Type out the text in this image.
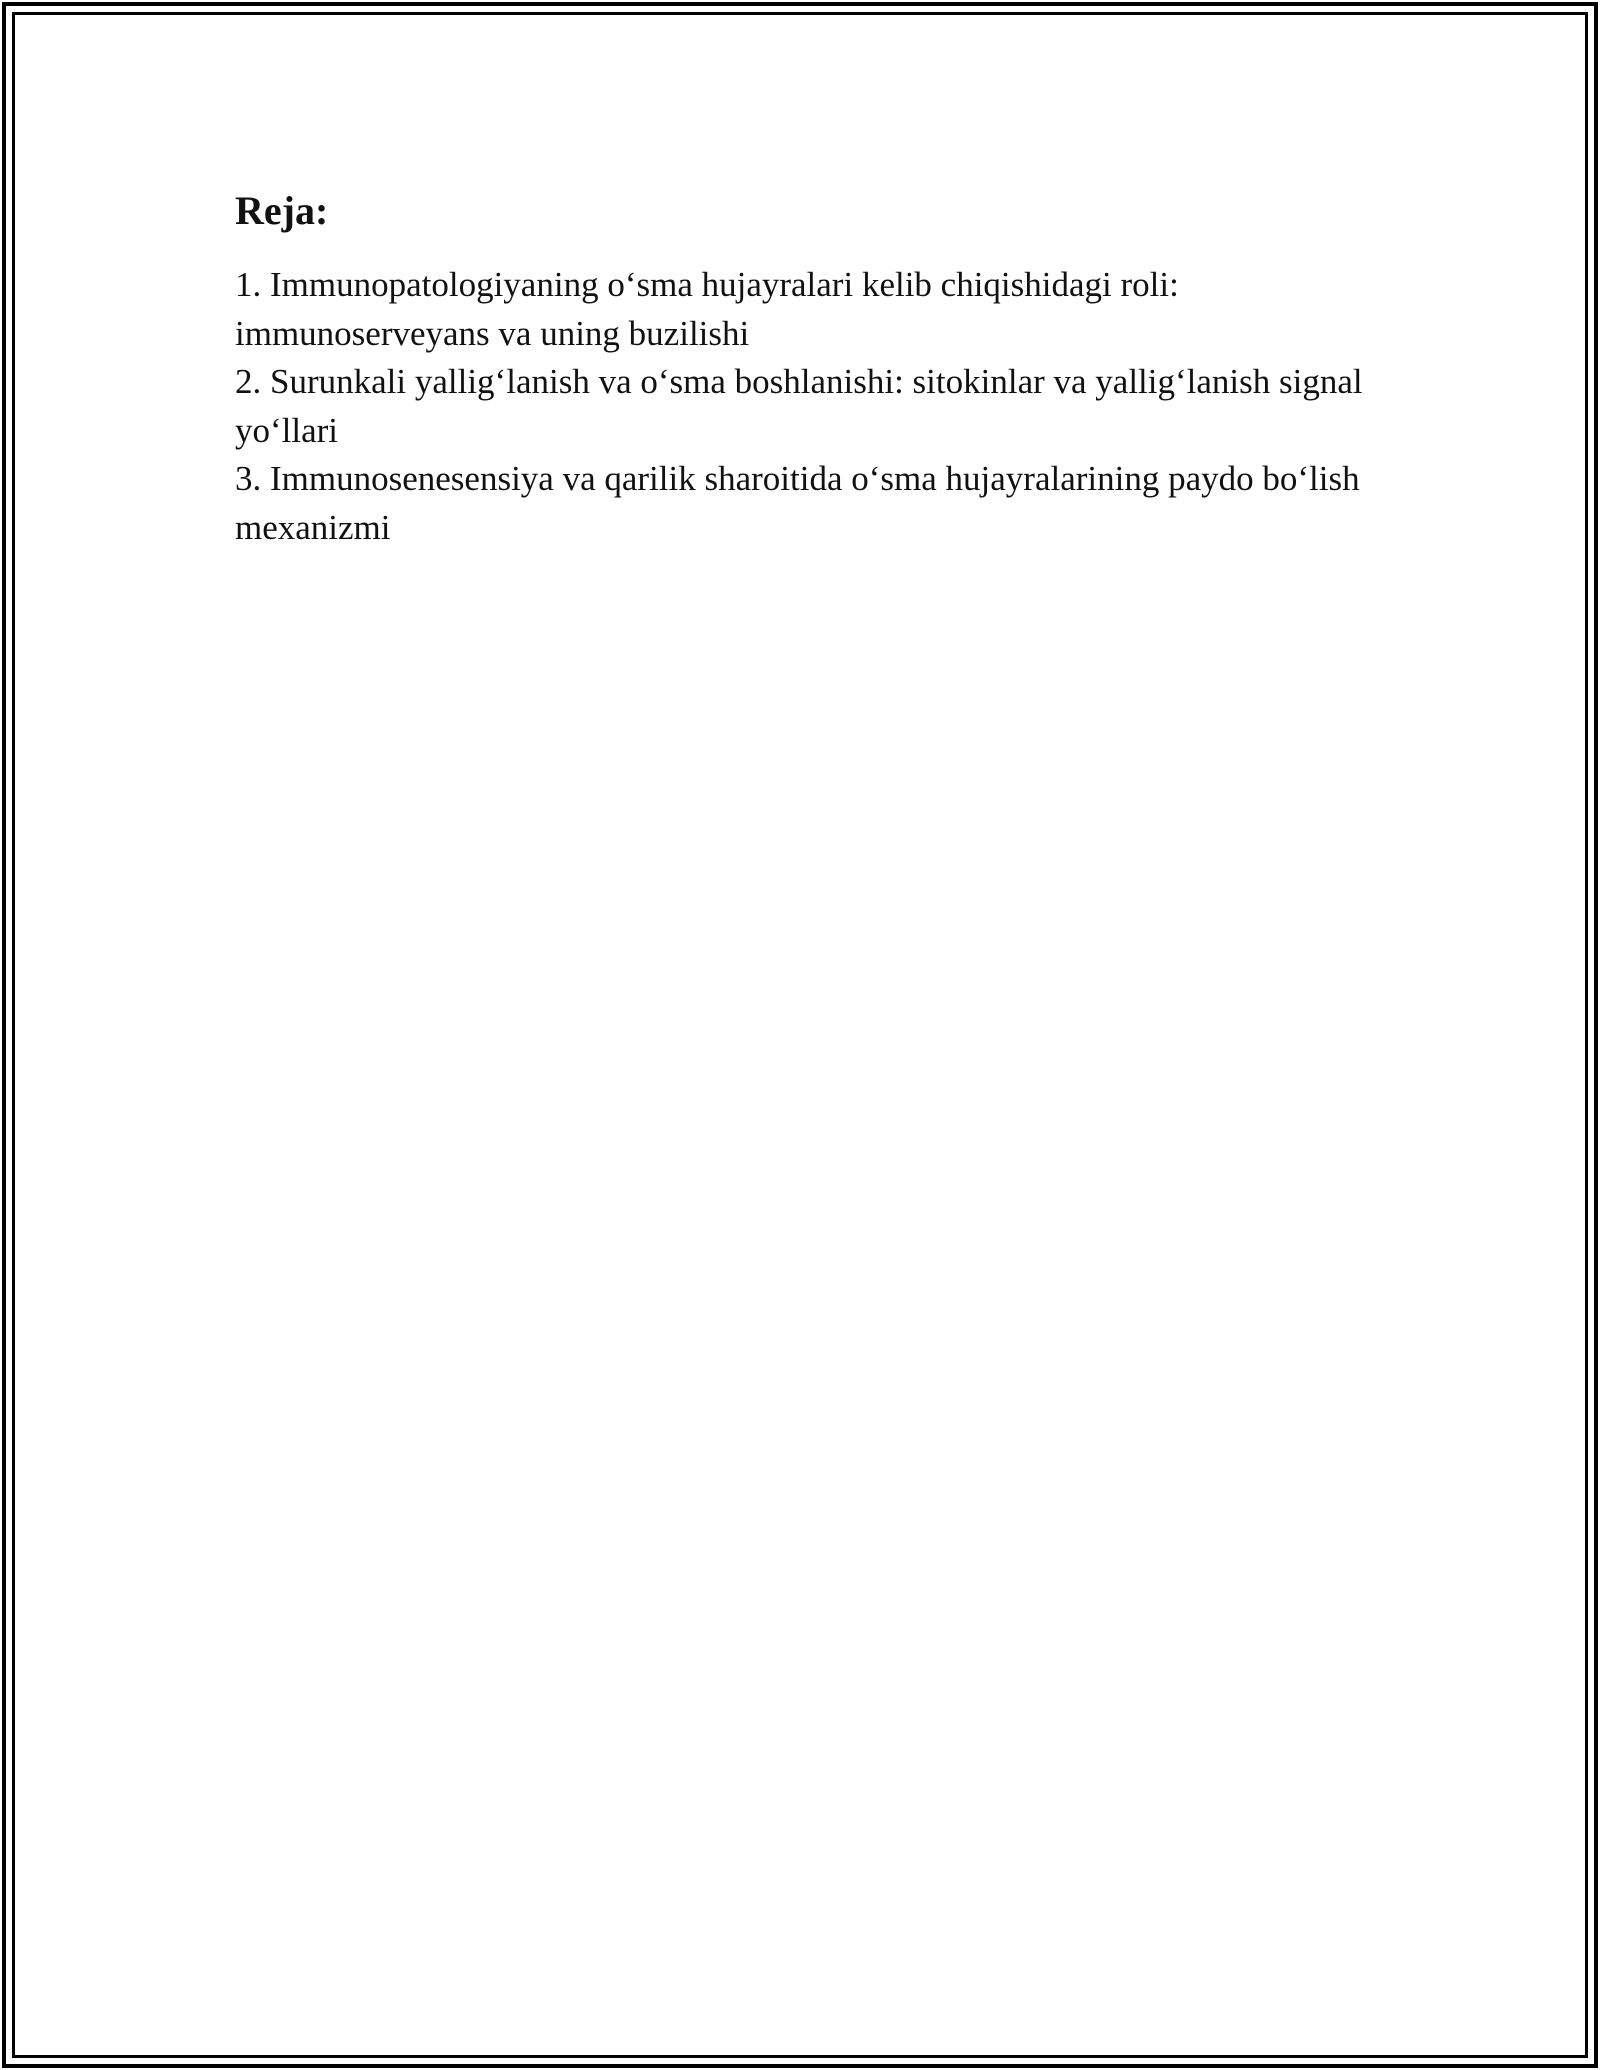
Reja:
1. Immunopatologiyaning o‘sma hujayralari kelib chiqishidagi roli: immunoserveyans va uning buzilishi
2. Surunkali yallig‘lanish va o‘sma boshlanishi: sitokinlar va yallig‘lanish signal yo‘llari
3. Immunosenesensiya va qarilik sharoitida o‘sma hujayralarining paydo bo‘lish mexanizmi
